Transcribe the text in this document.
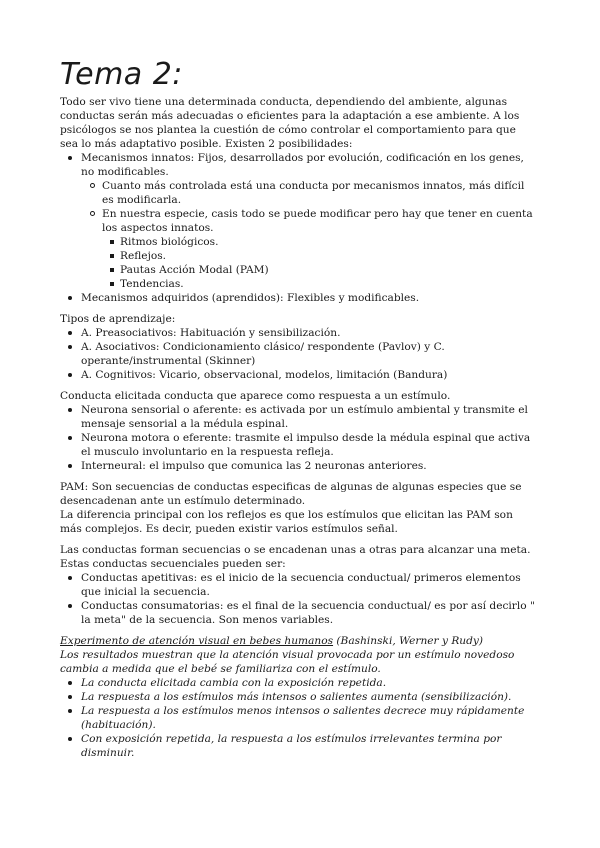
Tema 2:

Todo ser vivo tiene una determinada conducta, dependiendo del ambiente, algunas conductas serán más adecuadas o eficientes para la adaptación a ese ambiente. A los psicólogos se nos plantea la cuestión de cómo controlar el comportamiento para que sea lo más adaptativo posible. Existen 2 posibilidades:

Mecanismos innatos: Fijos, desarrollados por evolución, codificación en los genes, no modificables.
Cuanto más controlada está una conducta por mecanismos innatos, más difícil es modificarla.
En nuestra especie, casis todo se puede modificar pero hay que tener en cuenta los aspectos innatos.
Ritmos biológicos.
Reflejos.
Pautas Acción Modal (PAM)
Tendencias.
Mecanismos adquiridos (aprendidos): Flexibles y modificables.

Tipos de aprendizaje:

A. Preasociativos: Habituación y sensibilización.
A. Asociativos: Condicionamiento clásico/ respondente (Pavlov) y C. operante/instrumental (Skinner)
A. Cognitivos: Vicario, observacional, modelos, limitación (Bandura)

Conducta elicitada conducta que aparece como respuesta a un estímulo.

Neurona sensorial o aferente: es activada por un estímulo ambiental y transmite el mensaje sensorial a la médula espinal.
Neurona motora o eferente: trasmite el impulso desde la médula espinal que activa el musculo involuntario en la respuesta refleja.
Interneural: el impulso que comunica las 2 neuronas anteriores.

PAM: Son secuencias de conductas especificas de algunas de algunas especies que se desencadenan ante un estímulo determinado.

La diferencia principal con los reflejos es que los estímulos que elicitan las PAM son más complejos. Es decir, pueden existir varios estímulos señal.

Las conductas forman secuencias o se encadenan unas a otras para alcanzar una meta.

Estas conductas secuenciales pueden ser:

Conductas apetitivas: es el inicio de la secuencia conductual/ primeros elementos que inicial la secuencia.
Conductas consumatorias: es el final de la secuencia conductual/ es por así decirlo " la meta" de la secuencia. Son menos variables.

Experimento de atención visual en bebes humanos (Bashinski, Werner y Rudy)

Los resultados muestran que la atención visual provocada por un estímulo novedoso cambia a medida que el bebé se familiariza con el estímulo.

La conducta elicitada cambia con la exposición repetida.
La respuesta a los estímulos más intensos o salientes aumenta (sensibilización).
La respuesta a los estímulos menos intensos o salientes decrece muy rápidamente (habituación).
Con exposición repetida, la respuesta a los estímulos irrelevantes termina por disminuir.
